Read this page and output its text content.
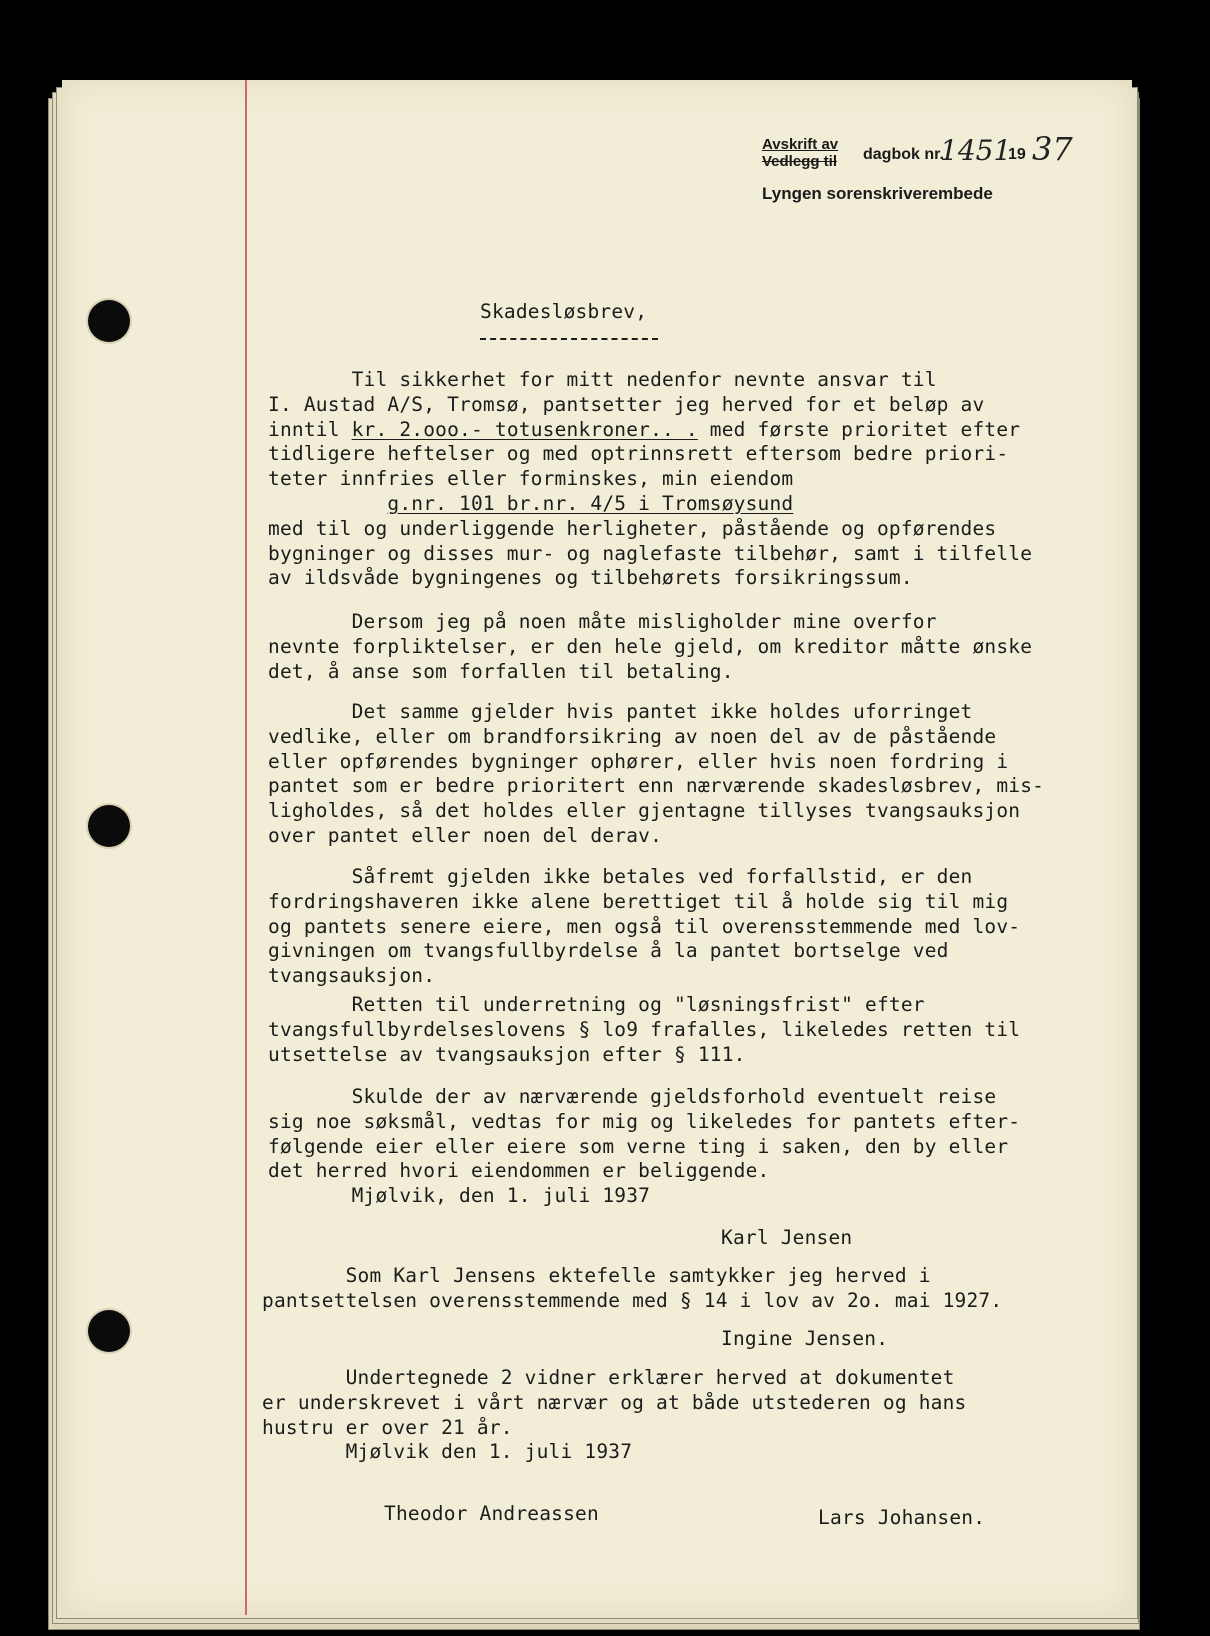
Avskrift av
Vedlegg til dagbok nr.
1451
19 37
Lyngen sorenskriverembede
Skadesløsbrev,
Til sikkerhet for mitt nedenfor nevnte ansvar til
I. Austad A/S, Tromsø, pantsetter jeg herved for et beløp av
inntil kr. 2.ooo.- totusenkroner.. . med første prioritet efter
tidligere heftelser og med optrinnsrett eftersom bedre priori-
teter innfries eller forminskes, min eiendom
g.nr. 101 br.nr. 4/5 i Tromsøysund
med til og underliggende herligheter, påstående og opførendes
bygninger og disses mur- og naglefaste tilbehør, samt i tilfelle
av ildsvåde bygningenes og tilbehørets forsikringssum.
Dersom jeg på noen måte misligholder mine overfor
nevnte forpliktelser, er den hele gjeld, om kreditor måtte ønske
det, å anse som forfallen til betaling.
Det samme gjelder hvis pantet ikke holdes uforringet
vedlike, eller om brandforsikring av noen del av de påstående
eller opførendes bygninger ophører, eller hvis noen fordring i
pantet som er bedre prioritert enn nærværende skadesløsbrev, mis-
ligholdes, så det holdes eller gjentagne tillyses tvangsauksjon
over pantet eller noen del derav.
Såfremt gjelden ikke betales ved forfallstid, er den
fordringshaveren ikke alene berettiget til å holde sig til mig
og pantets senere eiere, men også til overensstemmende med lov-
givningen om tvangsfullbyrdelse å la pantet bortselge ved
tvangsauksjon.
Retten til underretning og "løsningsfrist" efter
tvangsfullbyrdelseslovens § lo9 frafalles, likeledes retten til
utsettelse av tvangsauksjon efter § 111.
Skulde der av nærværende gjeldsforhold eventuelt reise
sig noe søksmål, vedtas for mig og likeledes for pantets efter-
følgende eier eller eiere som verne ting i saken, den by eller
det herred hvori eiendommen er beliggende.
Mjølvik, den 1. juli 1937
Karl Jensen
Som Karl Jensens ektefelle samtykker jeg herved i
pantsettelsen overensstemmende med § 14 i lov av 2o. mai 1927.
Ingine Jensen.
Undertegnede 2 vidner erklærer herved at dokumentet
er underskrevet i vårt nærvær og at både utstederen og hans
hustru er over 21 år.
Mjølvik den 1. juli 1937
Theodor Andreassen	Lars Johansen.
